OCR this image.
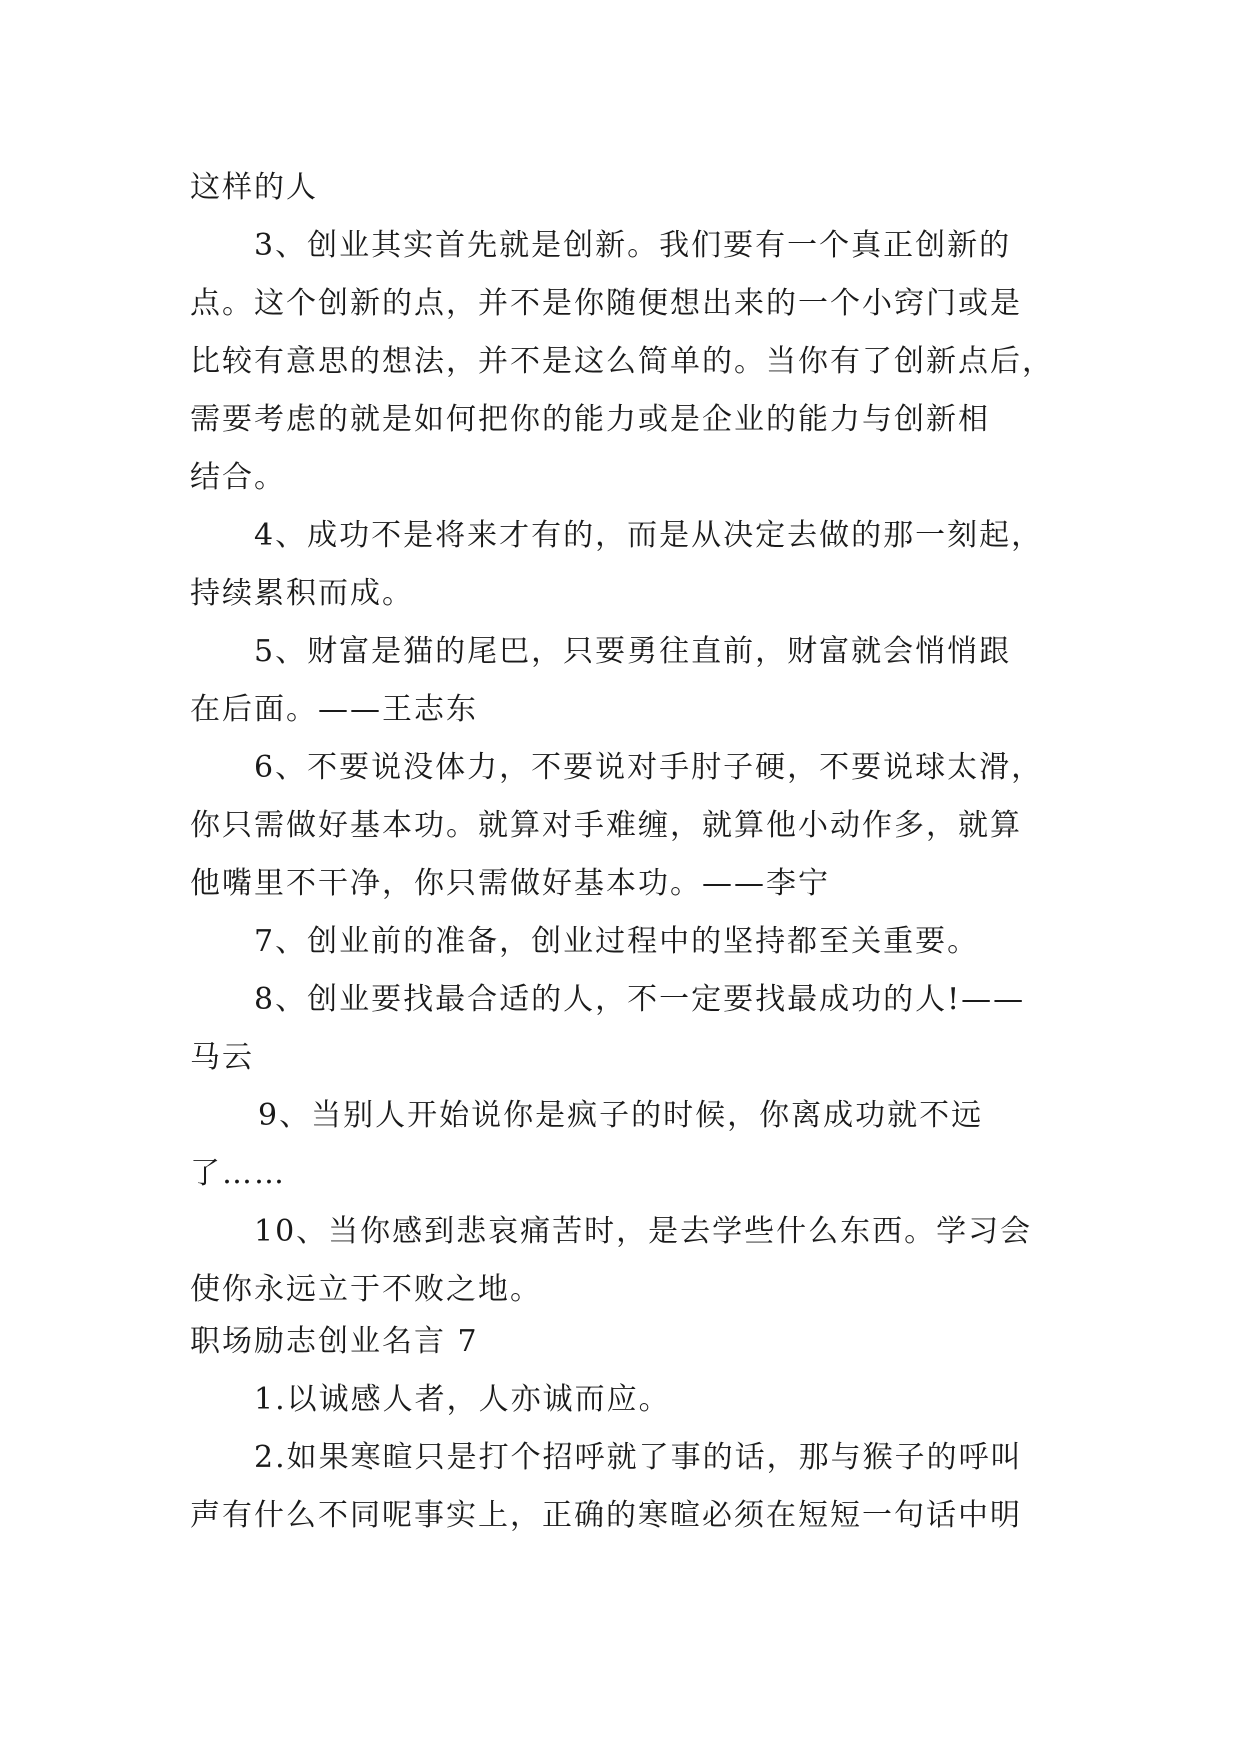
这样的人
3、创业其实首先就是创新。我们要有一个真正创新的
点。这个创新的点，并不是你随便想出来的一个小窍门或是
比较有意思的想法，并不是这么简单的。当你有了创新点后，
需要考虑的就是如何把你的能力或是企业的能力与创新相
结合。
4、成功不是将来才有的，而是从决定去做的那一刻起，
持续累积而成。
5、财富是猫的尾巴，只要勇往直前，财富就会悄悄跟
在后面。——王志东
6、不要说没体力，不要说对手肘子硬，不要说球太滑，
你只需做好基本功。就算对手难缠，就算他小动作多，就算
他嘴里不干净，你只需做好基本功。——李宁
7、创业前的准备，创业过程中的坚持都至关重要。
8、创业要找最合适的人，不一定要找最成功的人!——
马云
9、当别人开始说你是疯子的时候，你离成功就不远
了……
10、当你感到悲哀痛苦时，是去学些什么东西。学习会
使你永远立于不败之地。
职场励志创业名言 7
1.以诚感人者，人亦诚而应。
2.如果寒暄只是打个招呼就了事的话，那与猴子的呼叫
声有什么不同呢事实上，正确的寒暄必须在短短一句话中明
